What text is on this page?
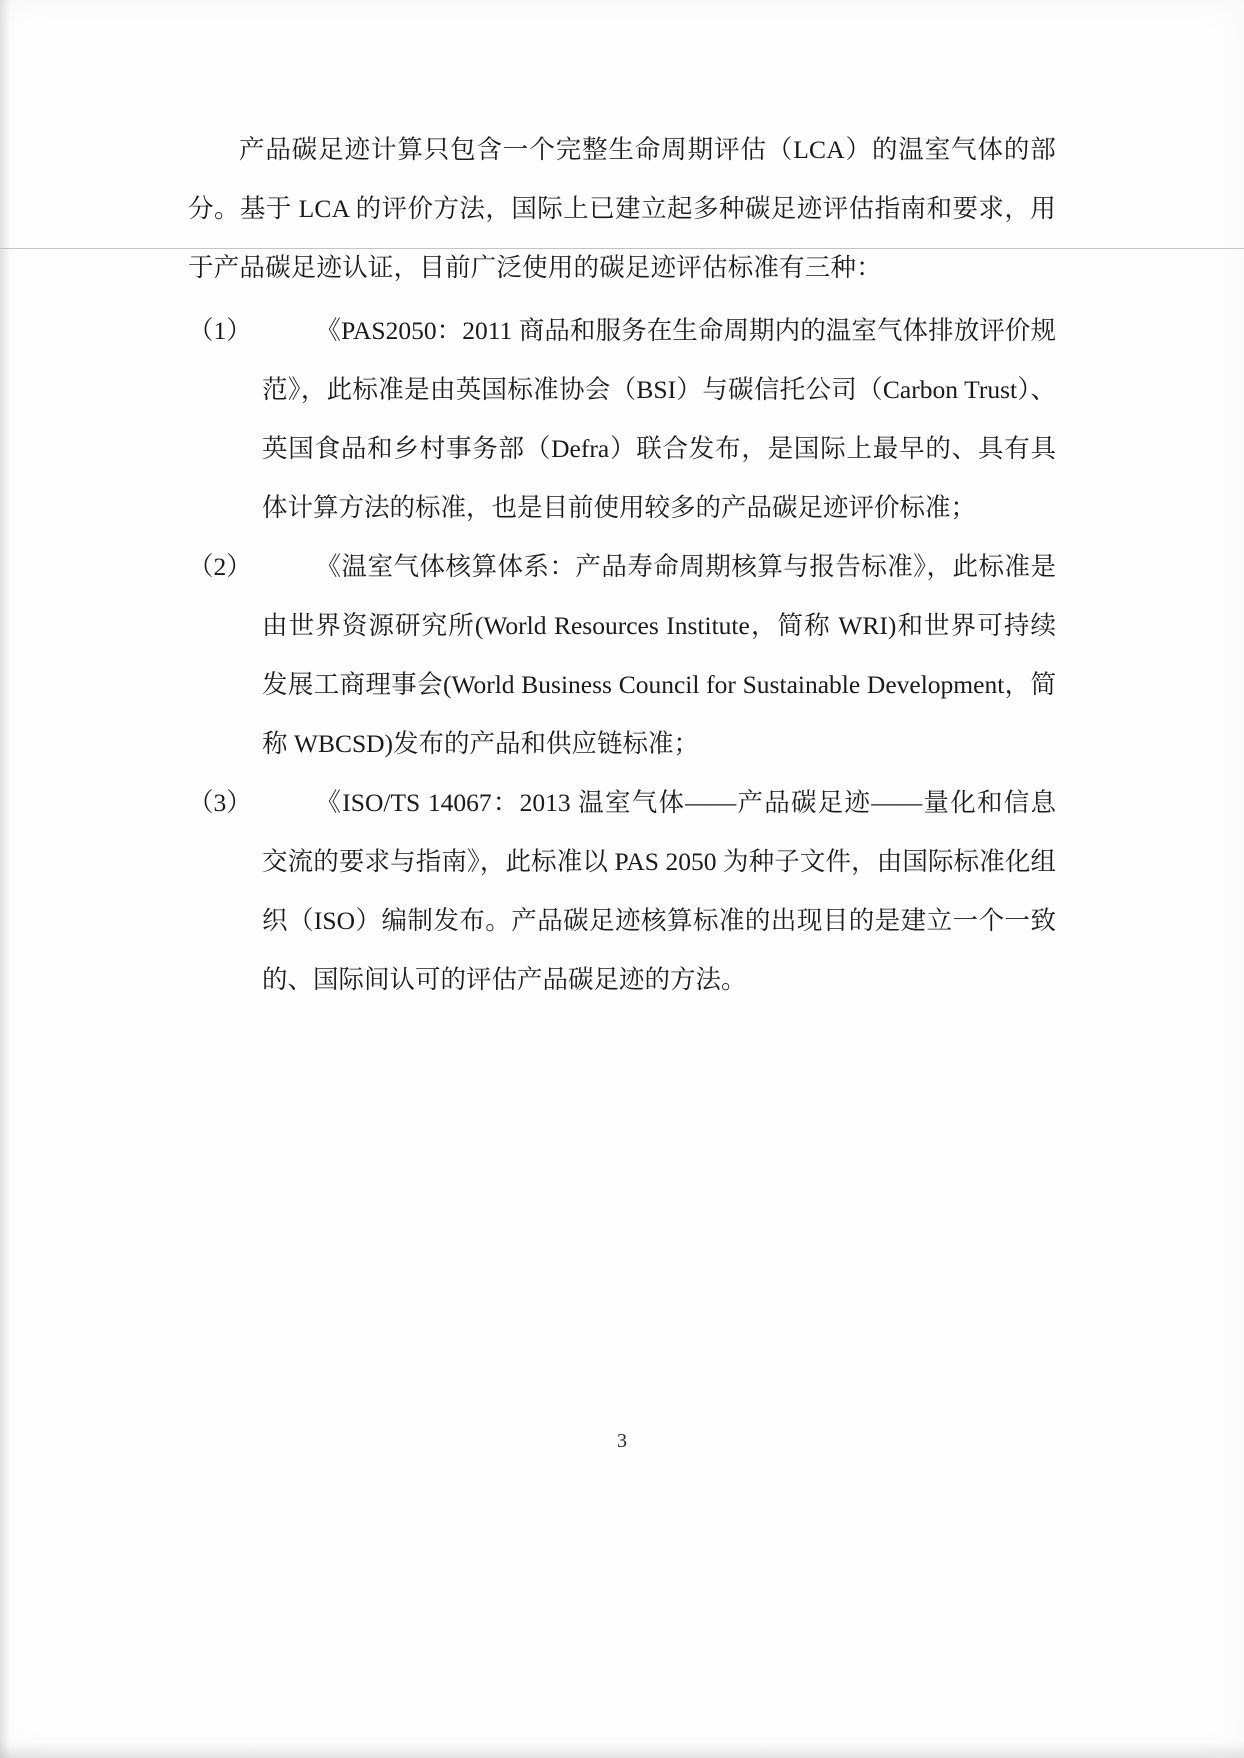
产品碳足迹计算只包含一个完整生命周期评估（LCA）的温室气体的部分。基于 LCA 的评价方法，国际上已建立起多种碳足迹评估指南和要求，用于产品碳足迹认证，目前广泛使用的碳足迹评估标准有三种：

（1）	《PAS2050：2011 商品和服务在生命周期内的温室气体排放评价规范》，此标准是由英国标准协会（BSI）与碳信托公司（Carbon Trust）、英国食品和乡村事务部（Defra）联合发布，是国际上最早的、具有具体计算方法的标准，也是目前使用较多的产品碳足迹评价标准；
（2）	《温室气体核算体系：产品寿命周期核算与报告标准》，此标准是由世界资源研究所(World Resources Institute，简称 WRI)和世界可持续发展工商理事会(World Business Council for Sustainable Development，简称 WBCSD)发布的产品和供应链标准；
（3）	《ISO/TS 14067：2013 温室气体——产品碳足迹——量化和信息交流的要求与指南》，此标准以 PAS 2050 为种子文件，由国际标准化组织（ISO）编制发布。产品碳足迹核算标准的出现目的是建立一个一致的、国际间认可的评估产品碳足迹的方法。
3
